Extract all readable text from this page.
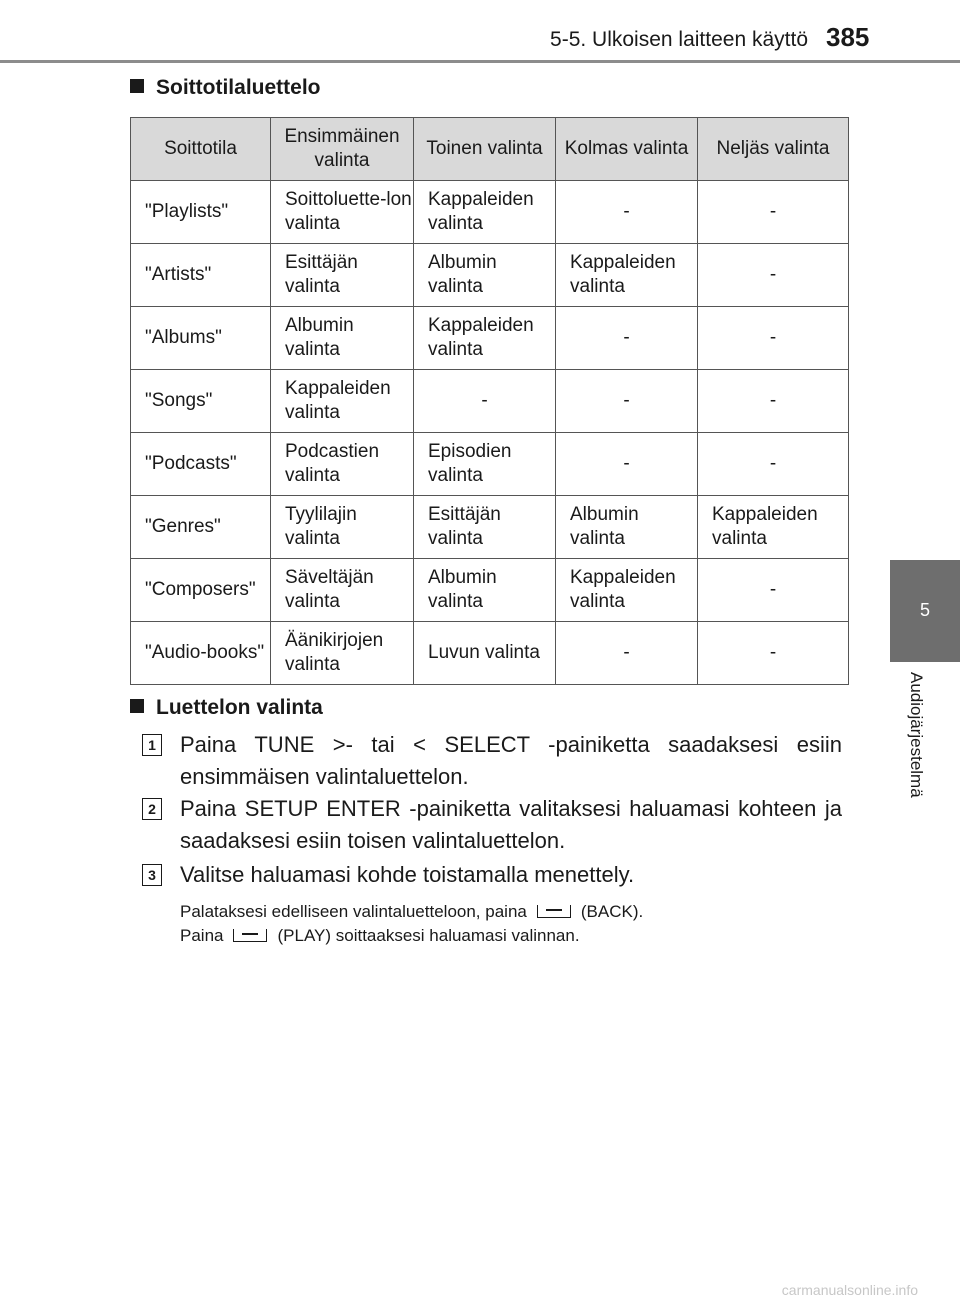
5-5. Ulkoisen laitteen käyttö 385
5
Audiojärjestelmä
Soittotilaluettelo
Soittotila	Ensimmäinen valinta	Toinen valinta	Kolmas valinta	Neljäs valinta
"Playlists"	Soittoluette-lon valinta	Kappaleiden valinta	-	-
"Artists"	Esittäjän valinta	Albumin valinta	Kappaleiden valinta	-
"Albums"	Albumin valinta	Kappaleiden valinta	-	-
"Songs"	Kappaleiden valinta	-	-	-
"Podcasts"	Podcastien valinta	Episodien valinta	-	-
"Genres"	Tyylilajin valinta	Esittäjän valinta	Albumin valinta	Kappaleiden valinta
"Composers"	Säveltäjän valinta	Albumin valinta	Kappaleiden valinta	-
"Audio-books"	Äänikirjojen valinta	Luvun valinta	-	-
Luettelon valinta
1 Paina TUNE >- tai < SELECT -painiketta saadaksesi esiin ensimmäisen valintaluettelon.
2 Paina SETUP ENTER -painiketta valitaksesi haluamasi kohteen ja saadaksesi esiin toisen valintaluettelon.
3 Valitse haluamasi kohde toistamalla menettely.
Palataksesi edelliseen valintaluetteloon, paina	(BACK).
Paina	(PLAY) soittaaksesi haluamasi valinnan.
carmanualsonline.info
